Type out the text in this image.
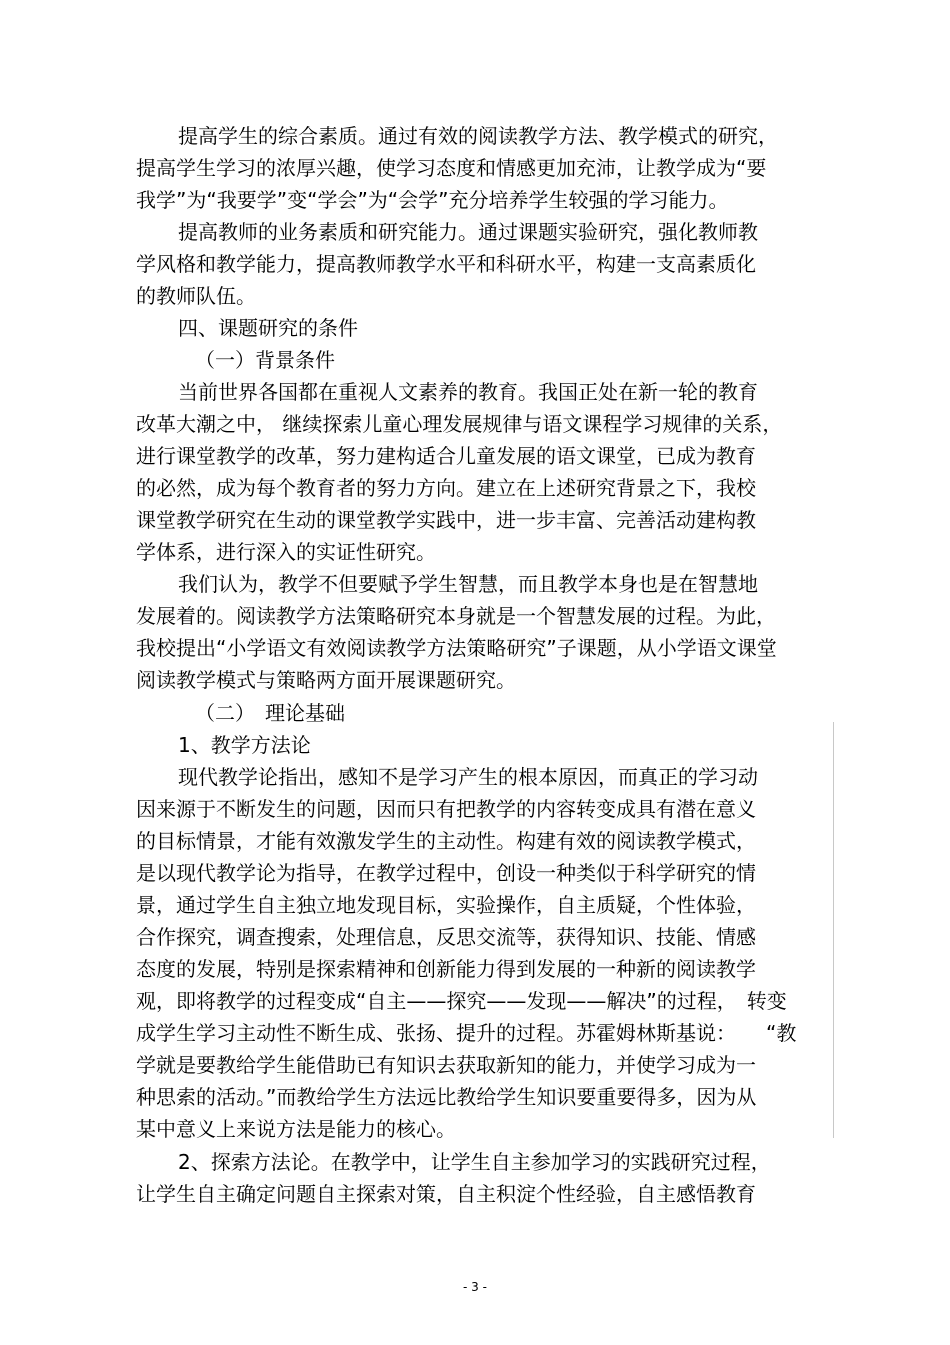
提高学生的综合素质。通过有效的阅读教学方法、教学模式的研究，
提高学生学习的浓厚兴趣，使学习态度和情感更加充沛，让教学成为“要
我学”为“我要学”变“学会”为“会学”充分培养学生较强的学习能力。
提高教师的业务素质和研究能力。通过课题实验研究，强化教师教
学风格和教学能力，提高教师教学水平和科研水平，构建一支高素质化
的教师队伍。
四、课题研究的条件
（一）背景条件
当前世界各国都在重视人文素养的教育。我国正处在新一轮的教育
改革大潮之中， 继续探索儿童心理发展规律与语文课程学习规律的关系，
进行课堂教学的改革，努力建构适合儿童发展的语文课堂，已成为教育
的必然，成为每个教育者的努力方向。建立在上述研究背景之下，我校
课堂教学研究在生动的课堂教学实践中，进一步丰富、完善活动建构教
学体系，进行深入的实证性研究。
我们认为，教学不但要赋予学生智慧，而且教学本身也是在智慧地
发展着的。阅读教学方法策略研究本身就是一个智慧发展的过程。为此，
我校提出“小学语文有效阅读教学方法策略研究”子课题，从小学语文课堂
阅读教学模式与策略两方面开展课题研究。
（二）　理论基础
1、教学方法论
现代教学论指出，感知不是学习产生的根本原因，而真正的学习动
因来源于不断发生的问题，因而只有把教学的内容转变成具有潜在意义
的目标情景，才能有效激发学生的主动性。构建有效的阅读教学模式，
是以现代教学论为指导，在教学过程中，创设一种类似于科学研究的情
景，通过学生自主独立地发现目标，实验操作，自主质疑，个性体验，
合作探究，调查搜索，处理信息，反思交流等，获得知识、技能、情感
态度的发展，特别是探索精神和创新能力得到发展的一种新的阅读教学
观，即将教学的过程变成“自主——探究——发现——解决”的过程，　转变
成学生学习主动性不断生成、张扬、提升的过程。苏霍姆林斯基说：　　“教
学就是要教给学生能借助已有知识去获取新知的能力，并使学习成为一
种思索的活动。”而教给学生方法远比教给学生知识要重要得多，因为从
某中意义上来说方法是能力的核心。
2、探索方法论。在教学中，让学生自主参加学习的实践研究过程，
让学生自主确定问题自主探索对策，自主积淀个性经验，自主感悟教育
- 3 -
